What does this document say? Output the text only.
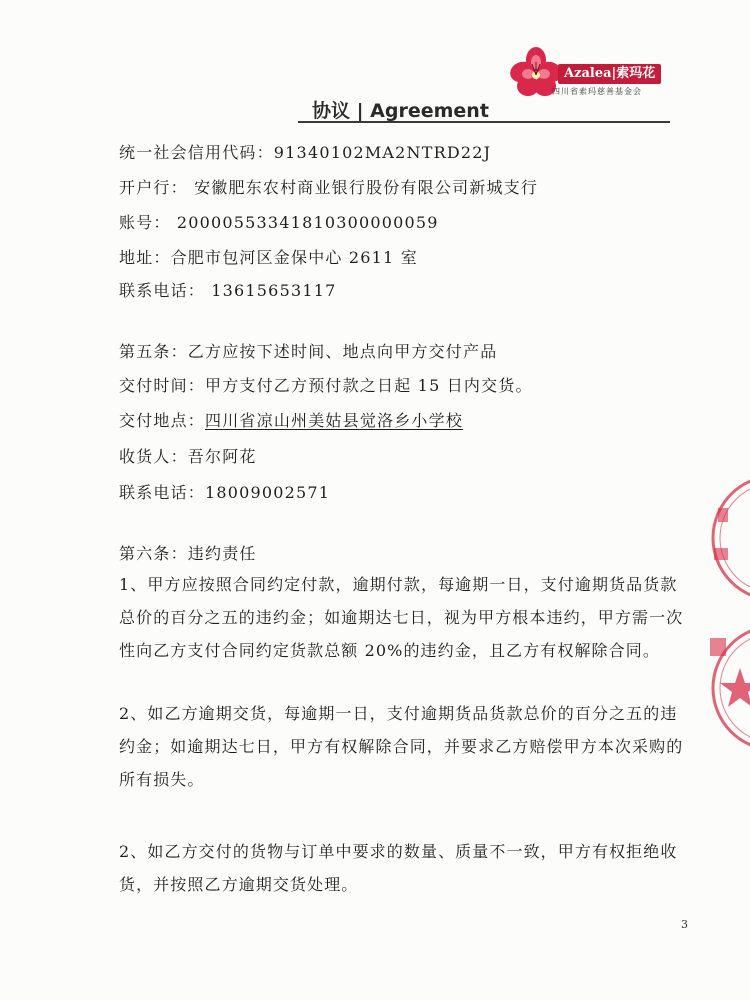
Azalea|索玛花
四川省索玛慈善基金会
协议 | Agreement
统一社会信用代码：91340102MA2NTRD22J
开户行： 安徽肥东农村商业银行股份有限公司新城支行
账号： 20000553341810300000059
地址：合肥市包河区金保中心 2611 室
联系电话： 13615653117
第五条：乙方应按下述时间、地点向甲方交付产品
交付时间：甲方支付乙方预付款之日起 15 日内交货。
交付地点：四川省凉山州美姑县觉洛乡小学校
收货人：吾尔阿花
联系电话：18009002571
第六条：违约责任
1、甲方应按照合同约定付款，逾期付款，每逾期一日，支付逾期货品货款总价的百分之五的违约金；如逾期达七日，视为甲方根本违约，甲方需一次性向乙方支付合同约定货款总额 20%的违约金，且乙方有权解除合同。
2、如乙方逾期交货，每逾期一日，支付逾期货品货款总价的百分之五的违约金；如逾期达七日，甲方有权解除合同，并要求乙方赔偿甲方本次采购的所有损失。
2、如乙方交付的货物与订单中要求的数量、质量不一致，甲方有权拒绝收货，并按照乙方逾期交货处理。
3
